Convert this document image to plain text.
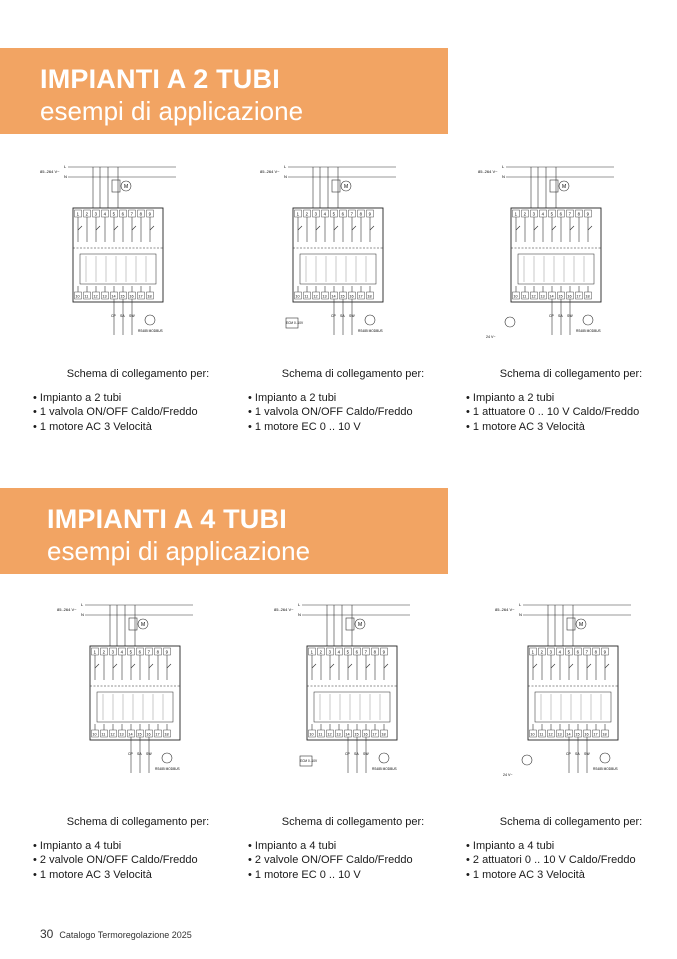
IMPIANTI A 2 TUBI
esempi di applicazione
IMPIANTI A 4 TUBI
esempi di applicazione
85..264 V~
L
N
M
1 2 3 4 5 6 7 8 9
10 11 12 13 14 15 16 17 18
CP SA SW
RS485 MODBUS
85..264 V~
L
N
M
1 2 3 4 5 6 7 8 9
10 11 12 13 14 15 16 17 18
CP SA SW
RS485 MODBUS
ECM 0..10V
85..264 V~
L
N
M
1 2 3 4 5 6 7 8 9
10 11 12 13 14 15 16 17 18
CP SA SW
RS485 MODBUS
24 V~
85..264 V~
L
N
M
1 2 3 4 5 6 7 8 9
10 11 12 13 14 15 16 17 18
CP SA SW
RS485 MODBUS
85..264 V~
L
N
M
1 2 3 4 5 6 7 8 9
10 11 12 13 14 15 16 17 18
CP SA SW
RS485 MODBUS
ECM 0..10V
85..264 V~
L
N
M
1 2 3 4 5 6 7 8 9
10 11 12 13 14 15 16 17 18
CP SA SW
RS485 MODBUS
24 V~
Schema di collegamento per:
• Impianto a 2 tubi
• 1 valvola ON/OFF Caldo/Freddo
• 1 motore AC 3 Velocità
Schema di collegamento per:
• Impianto a 2 tubi
• 1 valvola ON/OFF Caldo/Freddo
• 1 motore EC 0 .. 10 V
Schema di collegamento per:
• Impianto a 2 tubi
• 1 attuatore 0 .. 10 V Caldo/Freddo
• 1 motore AC 3 Velocità
Schema di collegamento per:
• Impianto a 4 tubi
• 2 valvole ON/OFF Caldo/Freddo
• 1 motore AC 3 Velocità
Schema di collegamento per:
• Impianto a 4 tubi
• 2 valvole ON/OFF Caldo/Freddo
• 1 motore EC 0 .. 10 V
Schema di collegamento per:
• Impianto a 4 tubi
• 2 attuatori 0 .. 10 V Caldo/Freddo
• 1 motore AC 3 Velocità
30 Catalogo Termoregolazione 2025
